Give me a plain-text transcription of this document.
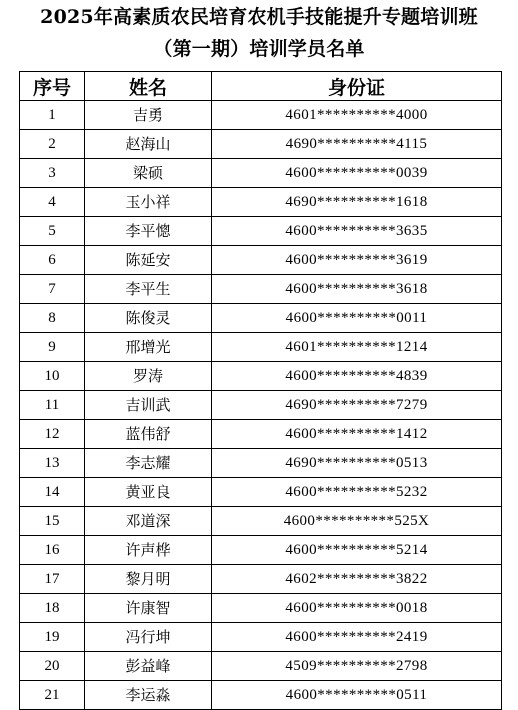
2025年高素质农民培育农机手技能提升专题培训班
（第一期）培训学员名单
序号	姓名	身份证
1	吉勇	4601**********4000
2	赵海山	4690**********4115
3	梁硕	4600**********0039
4	玉小祥	4690**********1618
5	李平憁	4600**********3635
6	陈延安	4600**********3619
7	李平生	4600**********3618
8	陈俊灵	4600**********0011
9	邢增光	4601**********1214
10	罗涛	4600**********4839
11	吉训武	4690**********7279
12	蓝伟舒	4600**********1412
13	李志耀	4690**********0513
14	黄亚良	4600**********5232
15	邓道深	4600**********525X
16	许声桦	4600**********5214
17	黎月明	4602**********3822
18	许康智	4600**********0018
19	冯行坤	4600**********2419
20	彭益峰	4509**********2798
21	李运淼	4600**********0511
